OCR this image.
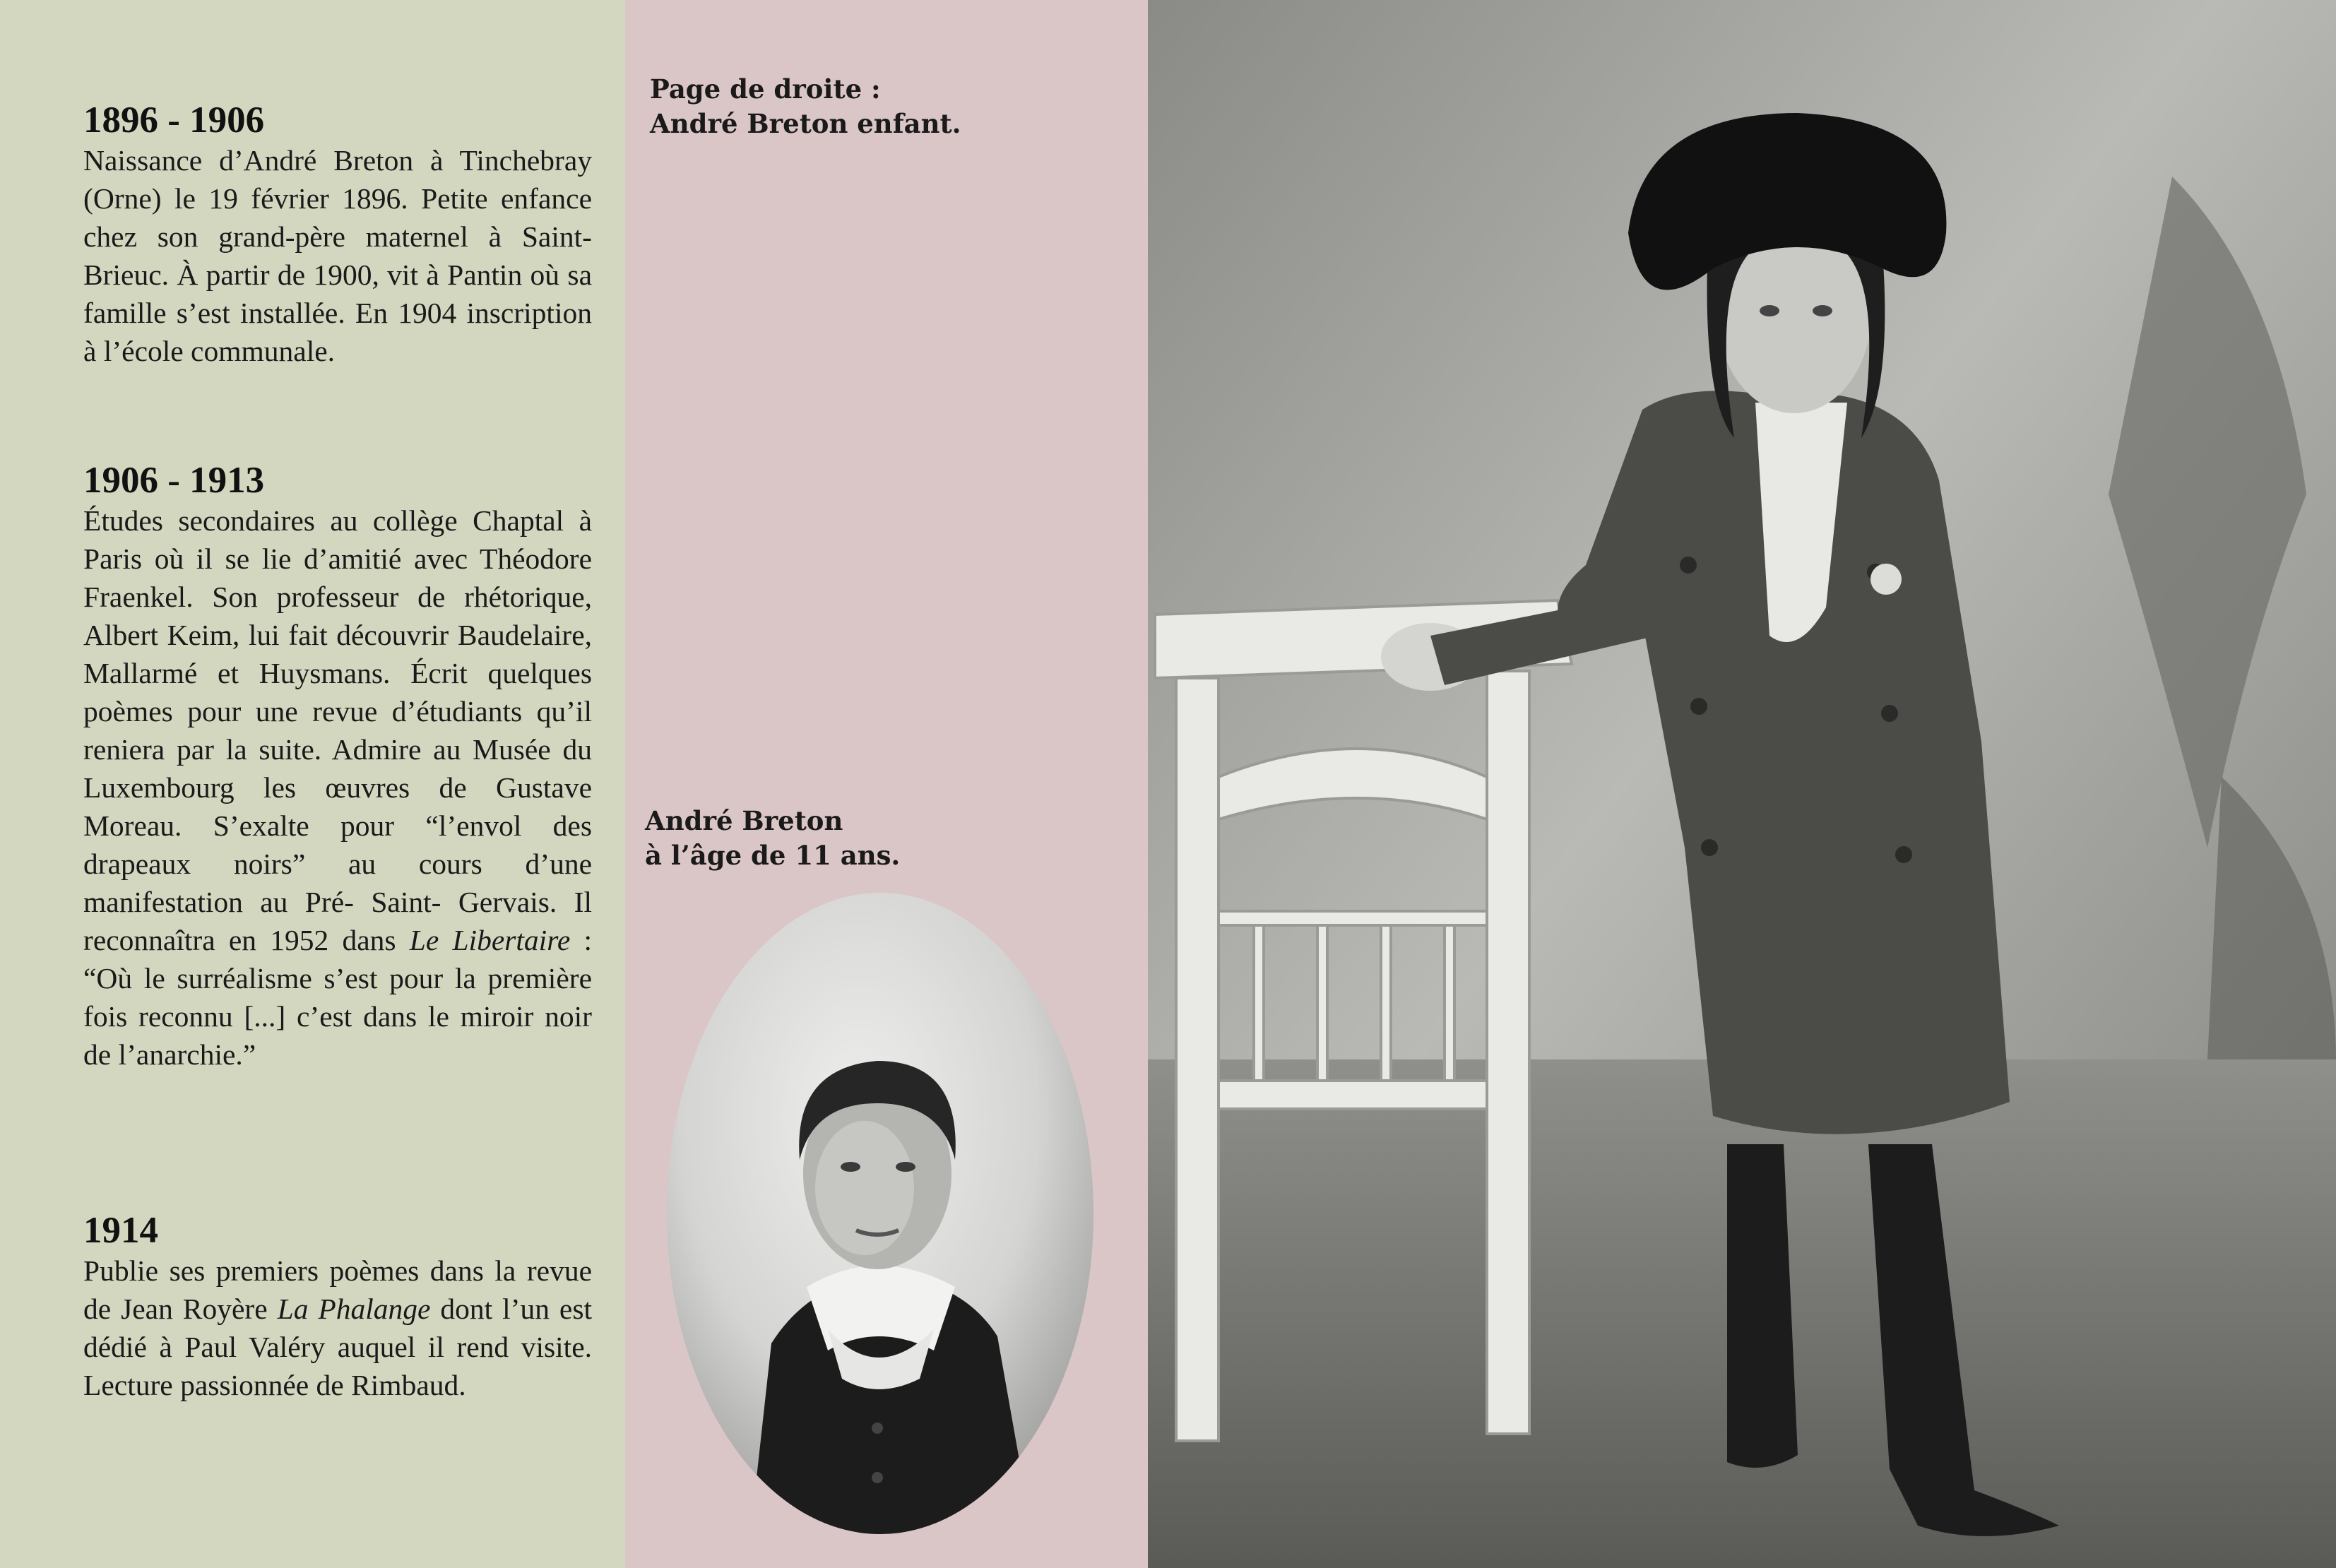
1896 - 1906

Naissance d’André Breton à Tinchebray (Orne) le 19 février 1896. Petite enfance chez son grand-père maternel à Saint- Brieuc. À partir de 1900, vit à Pantin où sa famille s’est installée. En 1904 inscription à l’école communale.

1906 - 1913

Études secondaires au collège Chaptal à Paris où il se lie d’amitié avec Théodore Fraenkel. Son professeur de rhétorique, Albert Keim, lui fait découvrir Baudelaire, Mallarmé et Huysmans. Écrit quelques poèmes pour une revue d’étudiants qu’il reniera par la suite. Admire au Musée du Luxembourg les œuvres de Gustave Moreau. S’exalte pour “l’envol des drapeaux noirs” au cours d’une manifestation au Pré- Saint- Gervais. Il reconnaîtra en 1952 dans Le Libertaire : “Où le surréalisme s’est pour la première fois reconnu [...] c’est dans le miroir noir de l’anarchie.”

1914

Publie ses premiers poèmes dans la revue de Jean Royère La Phalange dont l’un est dédié à Paul Valéry auquel il rend visite. Lecture passionnée de Rimbaud.

Page de droite :
André Breton enfant.
André Breton
à l’âge de 11 ans.
